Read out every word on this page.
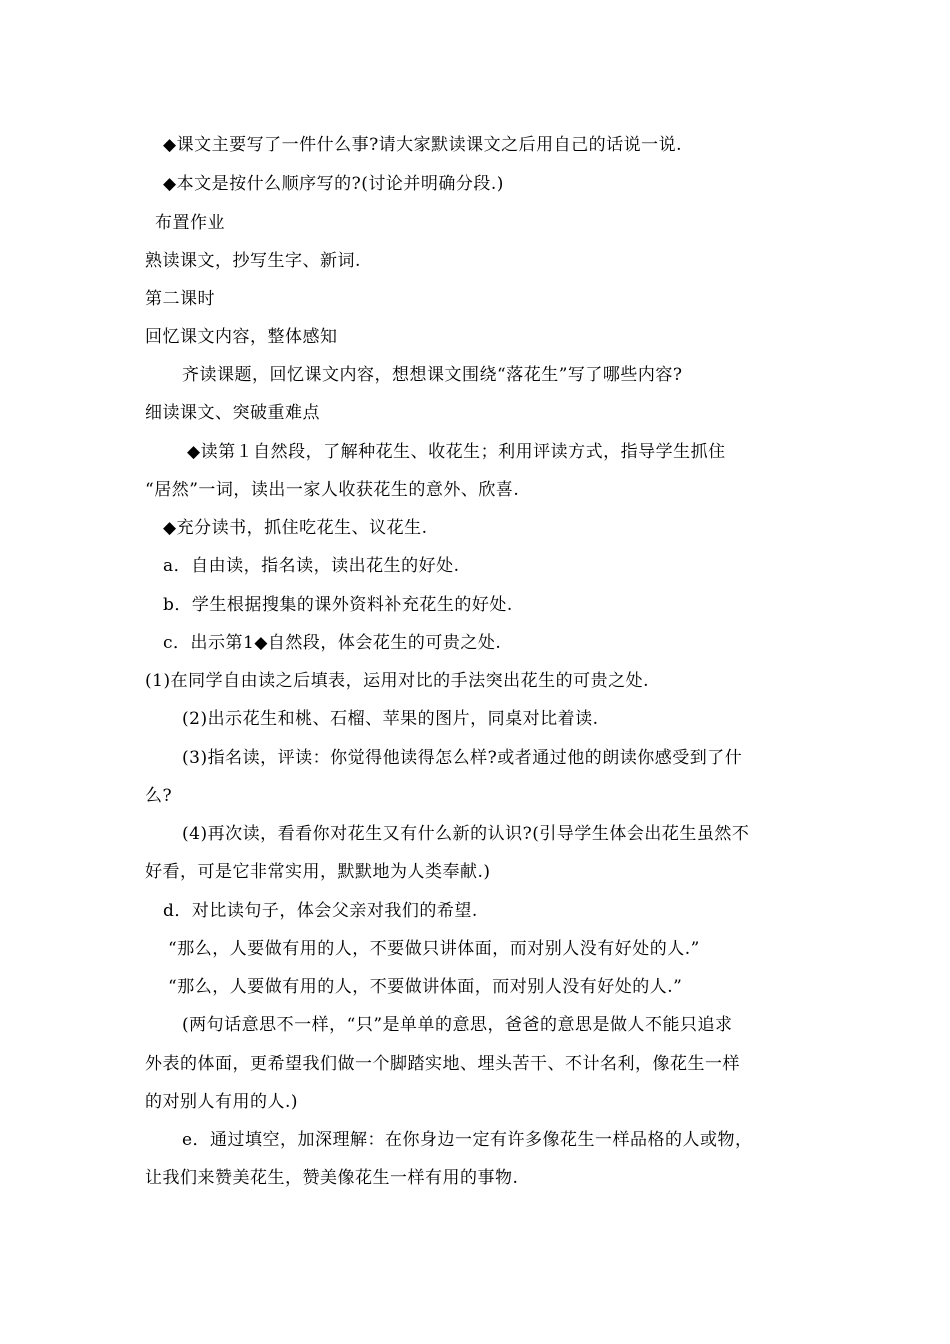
◆课文主要写了一件什么事?请大家默读课文之后用自己的话说一说.
◆本文是按什么顺序写的?(讨论并明确分段.)
布置作业
熟读课文，抄写生字、新词.
第二课时
回忆课文内容，整体感知
齐读课题，回忆课文内容，想想课文围绕“落花生”写了哪些内容?
细读课文、突破重难点
◆读第１自然段，了解种花生、收花生；利用评读方式，指导学生抓住
“居然”一词，读出一家人收获花生的意外、欣喜.
◆充分读书，抓住吃花生、议花生.
a．自由读，指名读，读出花生的好处.
b．学生根据搜集的课外资料补充花生的好处.
c．出示第1◆自然段，体会花生的可贵之处.
(1)在同学自由读之后填表，运用对比的手法突出花生的可贵之处.
(2)出示花生和桃、石榴、苹果的图片，同桌对比着读.
(3)指名读，评读：你觉得他读得怎么样?或者通过他的朗读你感受到了什
么?
(4)再次读，看看你对花生又有什么新的认识?(引导学生体会出花生虽然不
好看，可是它非常实用，默默地为人类奉献.)
d．对比读句子，体会父亲对我们的希望.
“那么，人要做有用的人，不要做只讲体面，而对别人没有好处的人.”
“那么，人要做有用的人，不要做讲体面，而对别人没有好处的人.”
(两句话意思不一样，“只”是单单的意思，爸爸的意思是做人不能只追求
外表的体面，更希望我们做一个脚踏实地、埋头苦干、不计名利，像花生一样
的对别人有用的人.)
e．通过填空，加深理解：在你身边一定有许多像花生一样品格的人或物，
让我们来赞美花生，赞美像花生一样有用的事物.
